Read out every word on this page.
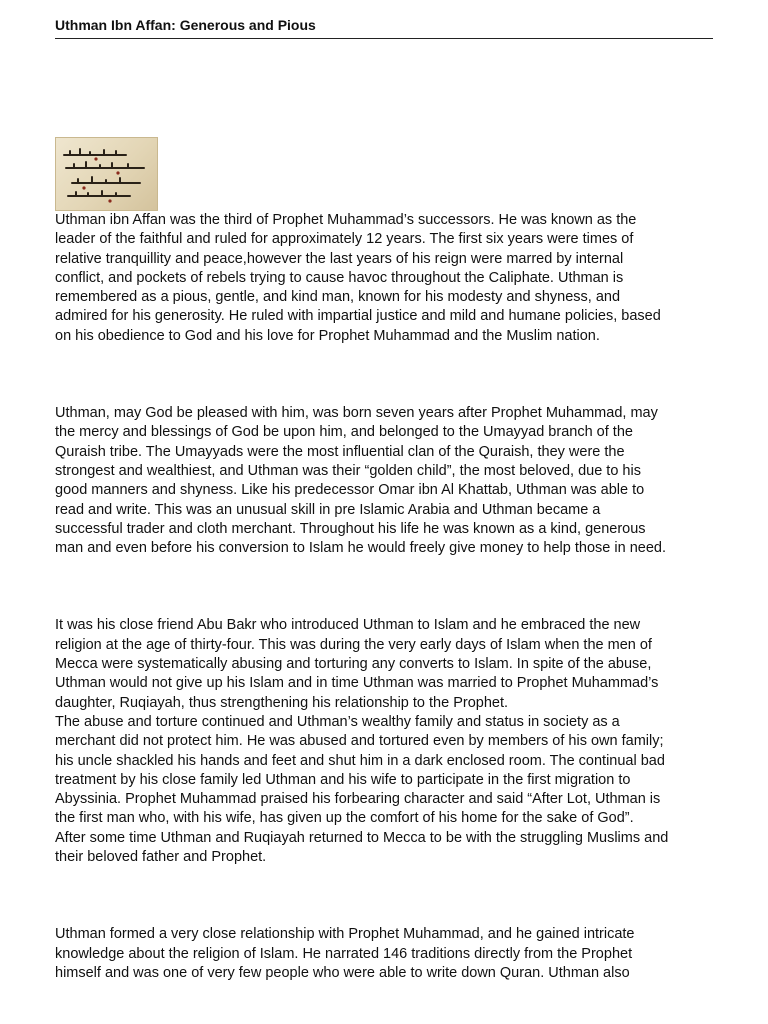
Uthman Ibn Affan: Generous and Pious

Uthman ibn Affan was the third of Prophet Muhammad’s successors. He was known as the
leader of the faithful and ruled for approximately 12 years. The first six years were times of
relative tranquillity and peace,however the last years of his reign were marred by internal
conflict, and pockets of rebels trying to cause havoc throughout the Caliphate. Uthman is
remembered as a pious, gentle, and kind man, known for his modesty and shyness, and
admired for his generosity. He ruled with impartial justice and mild and humane policies, based
on his obedience to God and his love for Prophet Muhammad and the Muslim nation.

Uthman, may God be pleased with him, was born seven years after Prophet Muhammad, may
the mercy and blessings of God be upon him, and belonged to the Umayyad branch of the
Quraish tribe. The Umayyads were the most influential clan of the Quraish, they were the
strongest and wealthiest, and Uthman was their “golden child”, the most beloved, due to his
good manners and shyness. Like his predecessor Omar ibn Al Khattab, Uthman was able to
read and write. This was an unusual skill in pre Islamic Arabia and Uthman became a
successful trader and cloth merchant. Throughout his life he was known as a kind, generous
man and even before his conversion to Islam he would freely give money to help those in need.

It was his close friend Abu Bakr who introduced Uthman to Islam and he embraced the new
religion at the age of thirty-four. This was during the very early days of Islam when the men of
Mecca were systematically abusing and torturing any converts to Islam. In spite of the abuse,
Uthman would not give up his Islam and in time Uthman was married to Prophet Muhammad’s
daughter, Ruqiayah, thus strengthening his relationship to the Prophet.
The abuse and torture continued and Uthman’s wealthy family and status in society as a
merchant did not protect him. He was abused and tortured even by members of his own family;
his uncle shackled his hands and feet and shut him in a dark enclosed room. The continual bad
treatment by his close family led Uthman and his wife to participate in the first migration to
Abyssinia. Prophet Muhammad praised his forbearing character and said “After Lot, Uthman is
the first man who, with his wife, has given up the comfort of his home for the sake of God”.
After some time Uthman and Ruqiayah returned to Mecca to be with the struggling Muslims and
their beloved father and Prophet.

Uthman formed a very close relationship with Prophet Muhammad, and he gained intricate
knowledge about the religion of Islam. He narrated 146 traditions directly from the Prophet
himself and was one of very few people who were able to write down Quran. Uthman also
